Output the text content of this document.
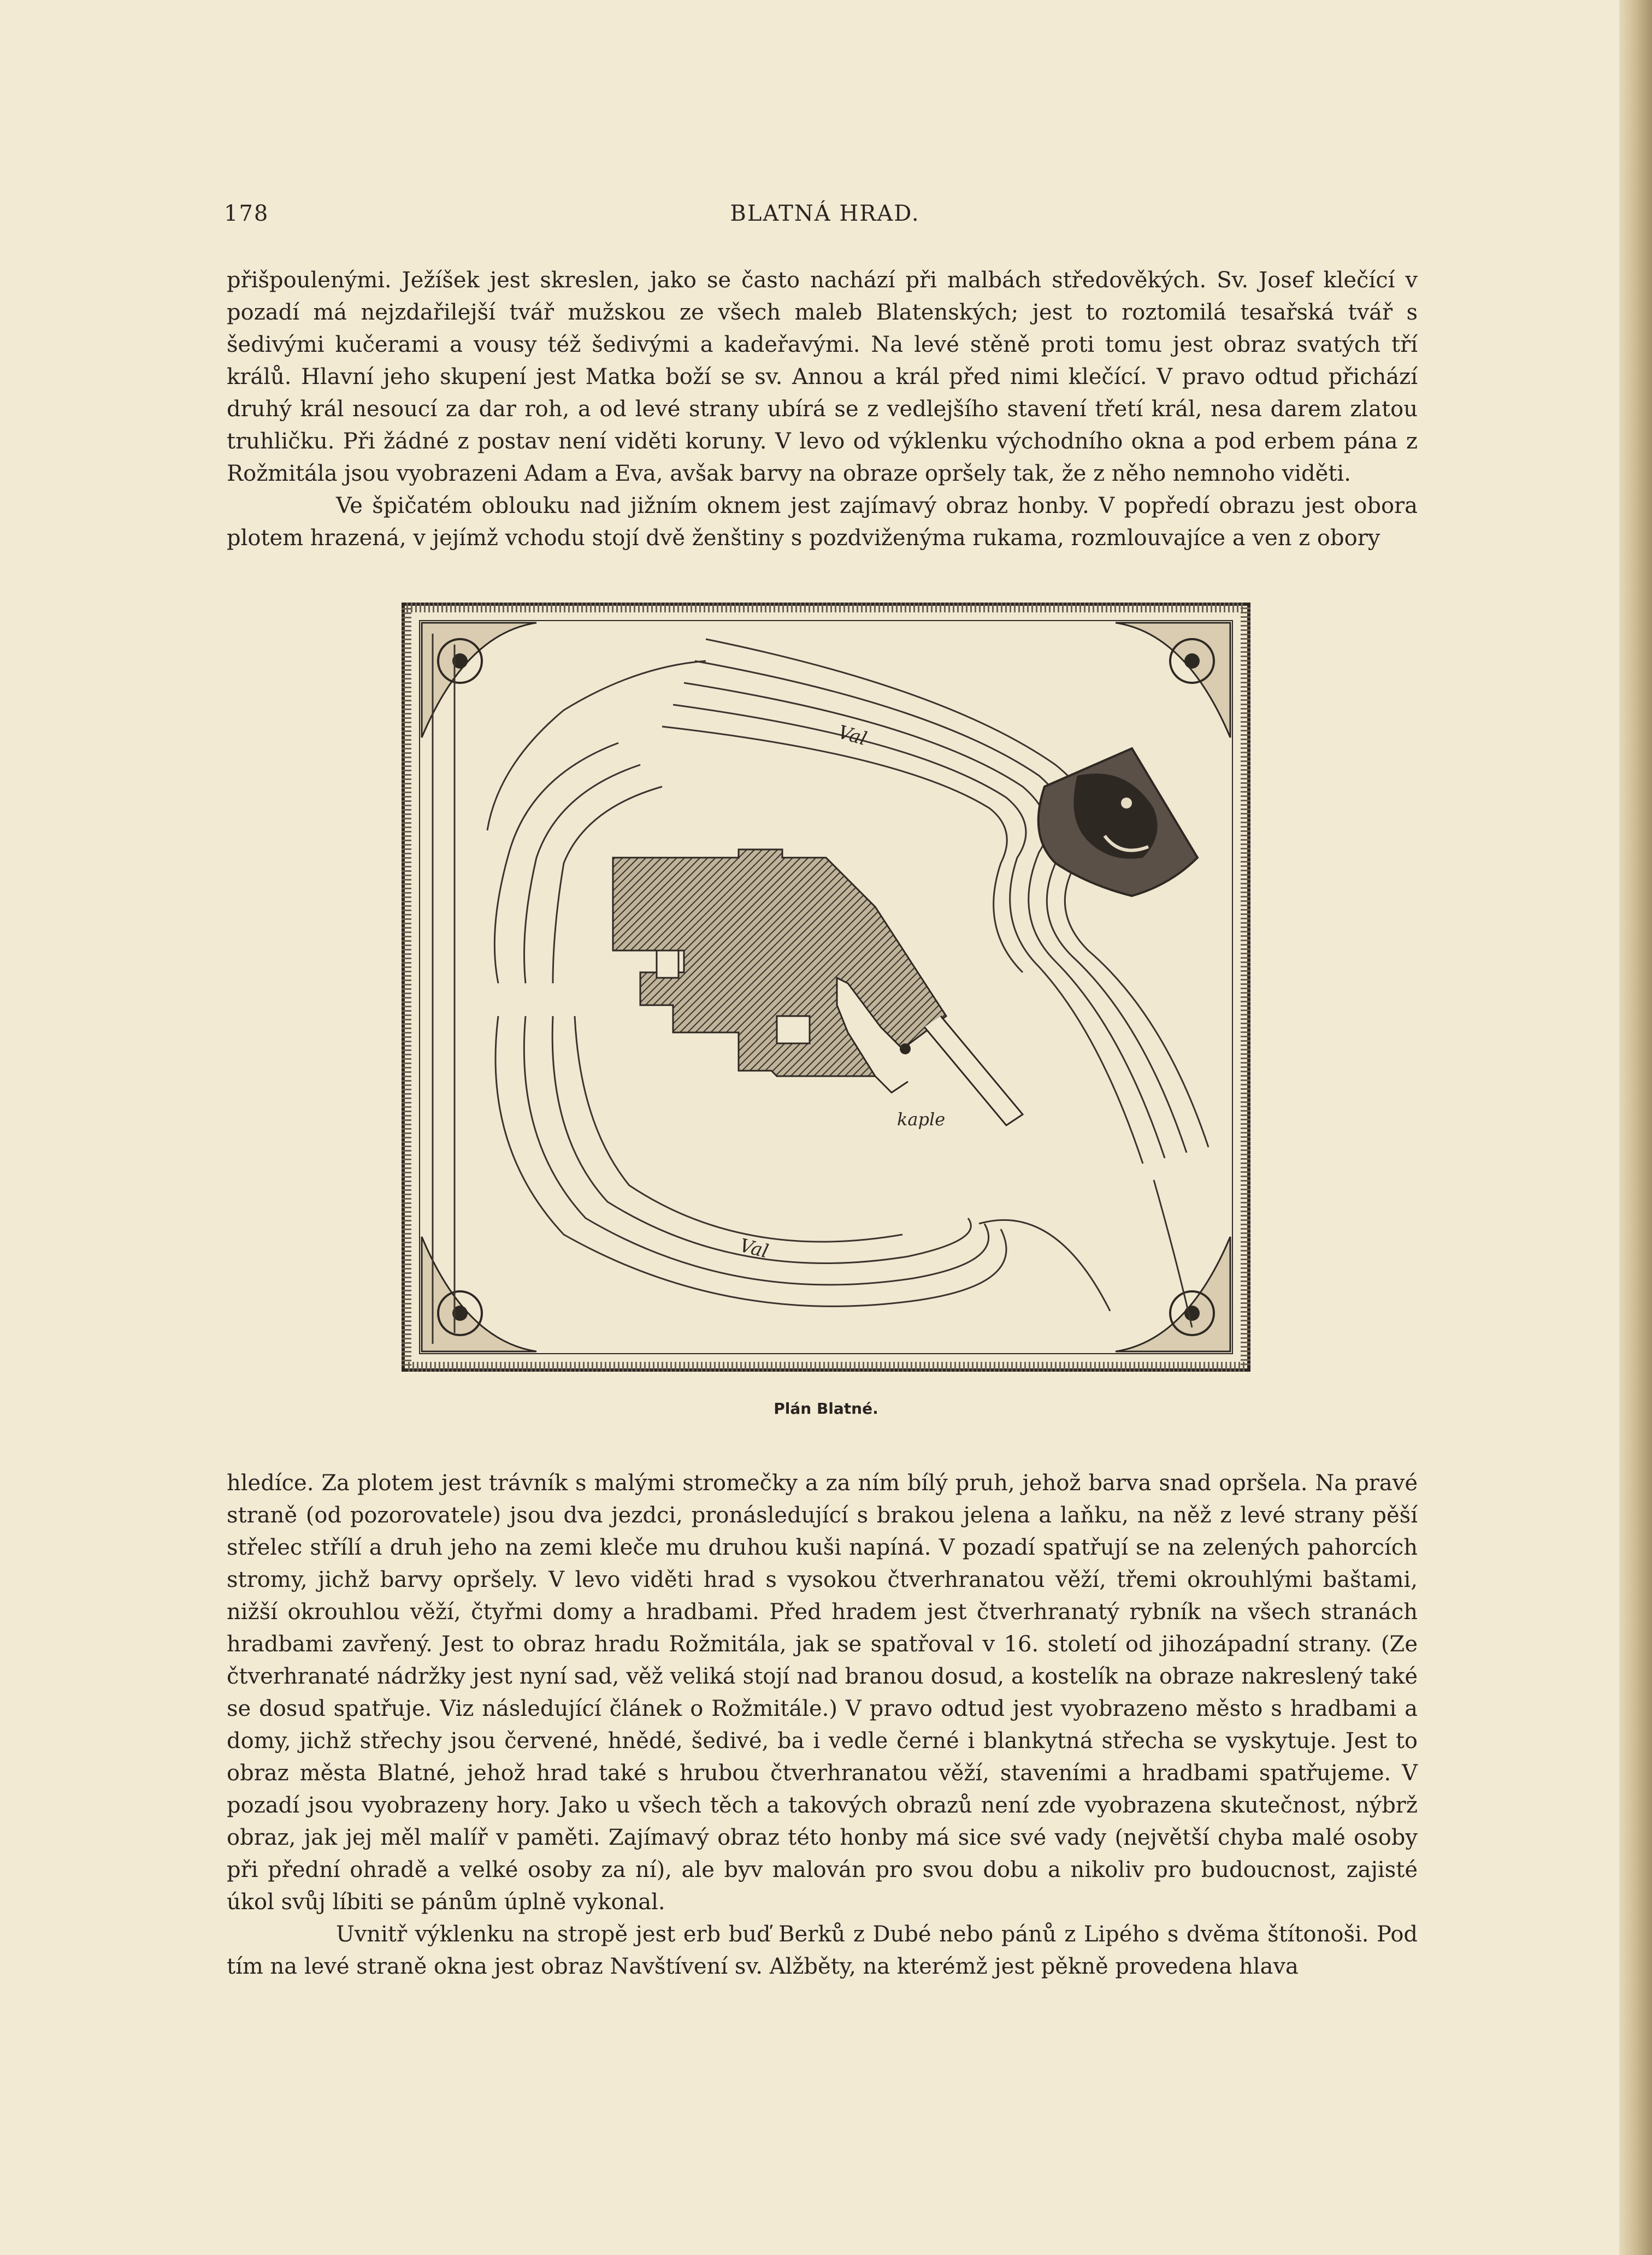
178	BLATNÁ HRAD.

přišpoulenými. Ježíšek jest skreslen, jako se často nachází při malbách středověkých. Sv. Josef klečící v pozadí má nejzdařilejší tvář mužskou ze všech maleb Blatenských; jest to roztomilá tesařská tvář s šedivými kučerami a vousy též šedivými a kadeřavými. Na levé stěně proti tomu jest obraz svatých tří králů. Hlavní jeho skupení jest Matka boží se sv. Annou a král před nimi klečící. V pravo odtud přichází druhý král nesoucí za dar roh, a od levé strany ubírá se z vedlejšího stavení třetí král, nesa darem zlatou truhličku. Při žádné z postav není viděti koruny. V levo od výklenku východního okna a pod erbem pána z Rožmitála jsou vyobrazeni Adam a Eva, avšak barvy na obraze opršely tak, že z něho nemnoho viděti.

Ve špičatém oblouku nad jižním oknem jest zajímavý obraz honby. V popředí obrazu jest obora plotem hrazená, v jejímž vchodu stojí dvě ženštiny s pozdviženýma rukama, rozmlouvajíce a ven z obory

Val
Val
kaple
Plán Blatné.

hledíce. Za plotem jest trávník s malými stromečky a za ním bílý pruh, jehož barva snad opršela. Na pravé straně (od pozorovatele) jsou dva jezdci, pronásledující s brakou jelena a laňku, na něž z levé strany pěší střelec střílí a druh jeho na zemi kleče mu druhou kuši napíná. V pozadí spatřují se na zelených pahorcích stromy, jichž barvy opršely. V levo viděti hrad s vysokou čtverhranatou věží, třemi okrouhlými baštami, nižší okrouhlou věží, čtyřmi domy a hradbami. Před hradem jest čtverhranatý rybník na všech stranách hradbami zavřený. Jest to obraz hradu Rožmitála, jak se spatřoval v 16. století od jihozápadní strany. (Ze čtverhranaté nádržky jest nyní sad, věž veliká stojí nad branou dosud, a kostelík na obraze nakreslený také se dosud spatřuje. Viz následující článek o Rožmitále.) V pravo odtud jest vyobrazeno město s hradbami a domy, jichž střechy jsou červené, hnědé, šedivé, ba i vedle černé i blankytná střecha se vyskytuje. Jest to obraz města Blatné, jehož hrad také s hrubou čtverhranatou věží, staveními a hradbami spatřujeme. V pozadí jsou vyobrazeny hory. Jako u všech těch a takových obrazů není zde vyobrazena skutečnost, nýbrž obraz, jak jej měl malíř v paměti. Zajímavý obraz této honby má sice své vady (největší chyba malé osoby při přední ohradě a velké osoby za ní), ale byv malován pro svou dobu a nikoliv pro budoucnost, zajisté úkol svůj líbiti se pánům úplně vykonal.

Uvnitř výklenku na stropě jest erb buď Berků z Dubé nebo pánů z Lipého s dvěma štítonoši. Pod tím na levé straně okna jest obraz Navštívení sv. Alžběty, na kterémž jest pěkně provedena hlava
